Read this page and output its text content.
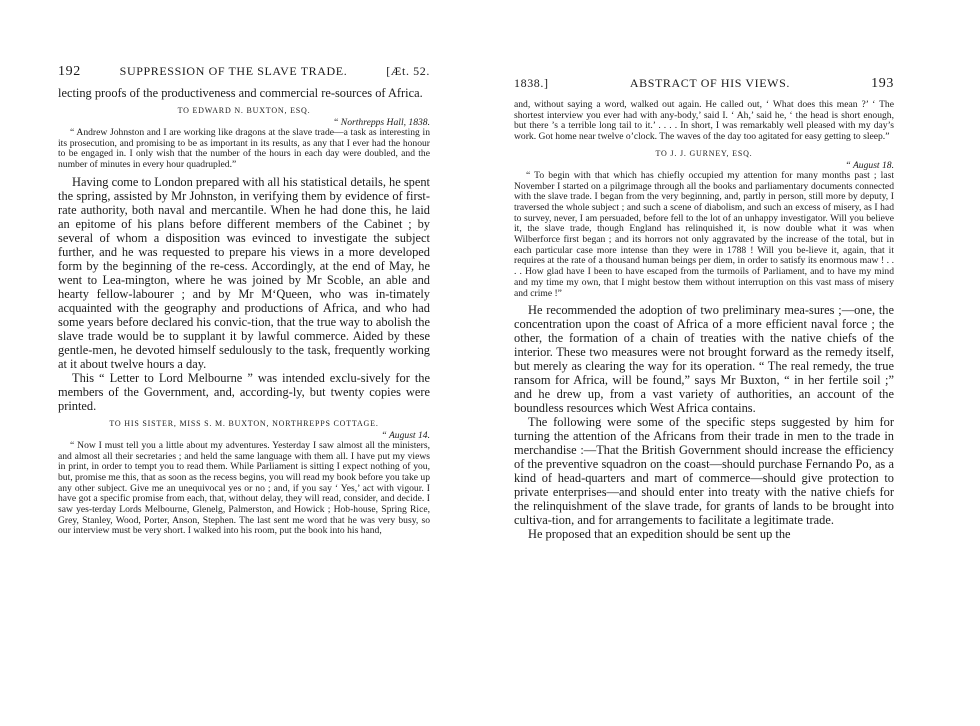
192	SUPPRESSION OF THE SLAVE TRADE.	[Æt. 52.

lecting proofs of the productiveness and commercial re-sources of Africa.

TO EDWARD N. BUXTON, ESQ.

“ Northrepps Hall, 1838.

“ Andrew Johnston and I are working like dragons at the slave trade—a task as interesting in its prosecution, and promising to be as important in its results, as any that I ever had the honour to be engaged in. I only wish that the number of the hours in each day were doubled, and the number of minutes in every hour quadrupled.”

Having come to London prepared with all his statistical details, he spent the spring, assisted by Mr Johnston, in verifying them by evidence of first-rate authority, both naval and mercantile. When he had done this, he laid an epitome of his plans before different members of the Cabinet ; by several of whom a disposition was evinced to investigate the subject further, and he was requested to prepare his views in a more developed form by the beginning of the re-cess. Accordingly, at the end of May, he went to Lea-mington, where he was joined by Mr Scoble, an able and hearty fellow-labourer ; and by Mr M‘Queen, who was in-timately acquainted with the geography and productions of Africa, and who had some years before declared his convic-tion, that the true way to abolish the slave trade would be to supplant it by lawful commerce. Aided by these gentle-men, he devoted himself sedulously to the task, frequently working at it about twelve hours a day.

This “ Letter to Lord Melbourne ” was intended exclu-sively for the members of the Government, and, according-ly, but twenty copies were printed.

TO HIS SISTER, MISS S. M. BUXTON, NORTHREPPS COTTAGE.

“ August 14.

“ Now I must tell you a little about my adventures. Yesterday I saw almost all the ministers, and almost all their secretaries ; and held the same language with them all. I have put my views in print, in order to tempt you to read them. While Parliament is sitting I expect nothing of you, but, promise me this, that as soon as the recess begins, you will read my book before you take up any other subject. Give me an unequivocal yes or no ; and, if you say ‘ Yes,’ act with vigour. I have got a specific promise from each, that, without delay, they will read, consider, and decide. I saw yes-terday Lords Melbourne, Glenelg, Palmerston, and Howick ; Hob-house, Spring Rice, Grey, Stanley, Wood, Porter, Anson, Stephen. The last sent me word that he was very busy, so our interview must be very short. I walked into his room, put the book into his hand,

1838.]	ABSTRACT OF HIS VIEWS.	193

and, without saying a word, walked out again. He called out, ‘ What does this mean ?’ ‘ The shortest interview you ever had with any-body,’ said I. ‘ Ah,’ said he, ‘ the head is short enough, but there ’s a terrible long tail to it.’ . . . . In short, I was remarkably well pleased with my day’s work. Got home near twelve o’clock. The waves of the day too agitated for easy getting to sleep.”

TO J. J. GURNEY, ESQ.

“ August 18.

“ To begin with that which has chiefly occupied my attention for many months past ; last November I started on a pilgrimage through all the books and parliamentary documents connected with the slave trade. I began from the very beginning, and, partly in person, still more by deputy, I traversed the whole subject ; and such a scene of diabolism, and such an excess of misery, as I had to survey, never, I am persuaded, before fell to the lot of an unhappy investigator. Will you believe it, the slave trade, though England has relinquished it, is now double what it was when Wilberforce first began ; and its horrors not only aggravated by the increase of the total, but in each particular case more intense than they were in 1788 ! Will you be-lieve it, again, that it requires at the rate of a thousand human beings per diem, in order to satisfy its enormous maw ! . . . . How glad have I been to have escaped from the turmoils of Parliament, and to have my mind and my time my own, that I might bestow them without interruption on this vast mass of misery and crime !”

He recommended the adoption of two preliminary mea-sures ;—one, the concentration upon the coast of Africa of a more efficient naval force ; the other, the formation of a chain of treaties with the native chiefs of the interior. These two measures were not brought forward as the remedy itself, but merely as clearing the way for its operation. “ The real remedy, the true ransom for Africa, will be found,” says Mr Buxton, “ in her fertile soil ;” and he drew up, from a vast variety of authorities, an account of the boundless resources which West Africa contains.

The following were some of the specific steps suggested by him for turning the attention of the Africans from their trade in men to the trade in merchandise :—That the British Government should increase the efficiency of the preventive squadron on the coast—should purchase Fernando Po, as a kind of head-quarters and mart of commerce—should give protection to private enterprises—and should enter into treaty with the native chiefs for the relinquishment of the slave trade, for grants of lands to be brought into cultiva-tion, and for arrangements to facilitate a legitimate trade.

He proposed that an expedition should be sent up the
